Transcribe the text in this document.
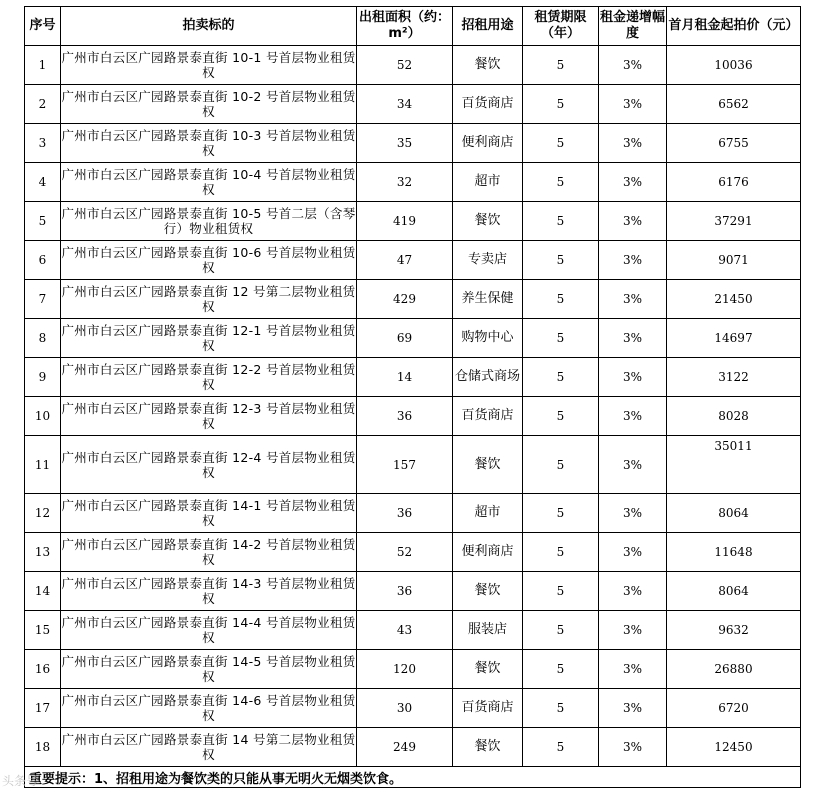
序号	拍卖标的	出租面积（约：m²）	招租用途	租赁期限（年）	租金递增幅度	首月租金起拍价（元）
1	广州市白云区广园路景泰直街 10-1 号首层物业租赁权	52	餐饮	5	3%	10036
2	广州市白云区广园路景泰直街 10-2 号首层物业租赁权	34	百货商店	5	3%	6562
3	广州市白云区广园路景泰直街 10-3 号首层物业租赁权	35	便利商店	5	3%	6755
4	广州市白云区广园路景泰直街 10-4 号首层物业租赁权	32	超市	5	3%	6176
5	广州市白云区广园路景泰直街 10-5 号首二层（含琴行）物业租赁权	419	餐饮	5	3%	37291
6	广州市白云区广园路景泰直街 10-6 号首层物业租赁权	47	专卖店	5	3%	9071
7	广州市白云区广园路景泰直街 12 号第二层物业租赁权	429	养生保健	5	3%	21450
8	广州市白云区广园路景泰直街 12-1 号首层物业租赁权	69	购物中心	5	3%	14697
9	广州市白云区广园路景泰直街 12-2 号首层物业租赁权	14	仓储式商场	5	3%	3122
10	广州市白云区广园路景泰直街 12-3 号首层物业租赁权	36	百货商店	5	3%	8028
11	广州市白云区广园路景泰直街 12-4 号首层物业租赁权	157	餐饮	5	3%	35011
12	广州市白云区广园路景泰直街 14-1 号首层物业租赁权	36	超市	5	3%	8064
13	广州市白云区广园路景泰直街 14-2 号首层物业租赁权	52	便利商店	5	3%	11648
14	广州市白云区广园路景泰直街 14-3 号首层物业租赁权	36	餐饮	5	3%	8064
15	广州市白云区广园路景泰直街 14-4 号首层物业租赁权	43	服装店	5	3%	9632
16	广州市白云区广园路景泰直街 14-5 号首层物业租赁权	120	餐饮	5	3%	26880
17	广州市白云区广园路景泰直街 14-6 号首层物业租赁权	30	百货商店	5	3%	6720
18	广州市白云区广园路景泰直街 14 号第二层物业租赁权	249	餐饮	5	3%	12450
重要提示：1、招租用途为餐饮类的只能从事无明火无烟类饮食。						
头条号
